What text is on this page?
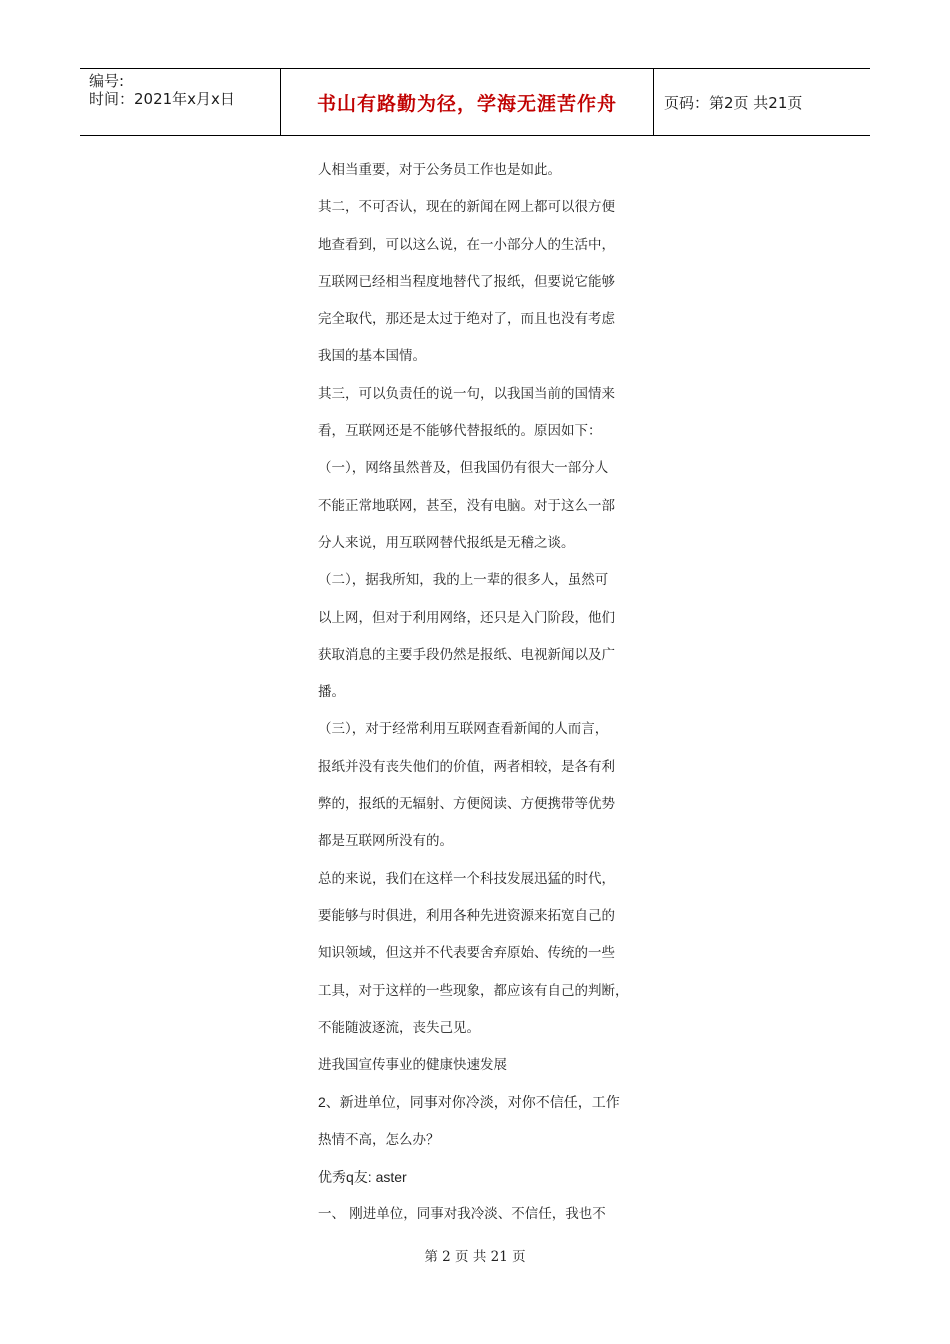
编号:
时间：2021年x月x日	书山有路勤为径，学海无涯苦作舟	页码：第2页 共21页
人相当重要，对于公务员工作也是如此。
其二，不可否认，现在的新闻在网上都可以很方便
地查看到，可以这么说，在一小部分人的生活中，
互联网已经相当程度地替代了报纸，但要说它能够
完全取代，那还是太过于绝对了，而且也没有考虑
我国的基本国情。
其三，可以负责任的说一句，以我国当前的国情来
看，互联网还是不能够代替报纸的。原因如下：
（一），网络虽然普及，但我国仍有很大一部分人
不能正常地联网，甚至，没有电脑。对于这么一部
分人来说，用互联网替代报纸是无稽之谈。
（二），据我所知，我的上一辈的很多人，虽然可
以上网，但对于利用网络，还只是入门阶段，他们
获取消息的主要手段仍然是报纸、电视新闻以及广
播。
（三），对于经常利用互联网查看新闻的人而言，
报纸并没有丧失他们的价值，两者相较，是各有利
弊的，报纸的无辐射、方便阅读、方便携带等优势
都是互联网所没有的。
总的来说，我们在这样一个科技发展迅猛的时代，
要能够与时俱进，利用各种先进资源来拓宽自己的
知识领域，但这并不代表要舍弃原始、传统的一些
工具，对于这样的一些现象，都应该有自己的判断，
不能随波逐流，丧失己见。
进我国宣传事业的健康快速发展
2、新进单位，同事对你冷淡，对你不信任，工作
热情不高，怎么办？
优秀q友: aster
一、 刚进单位，同事对我冷淡、不信任，我也不
第 2 页 共 21 页
